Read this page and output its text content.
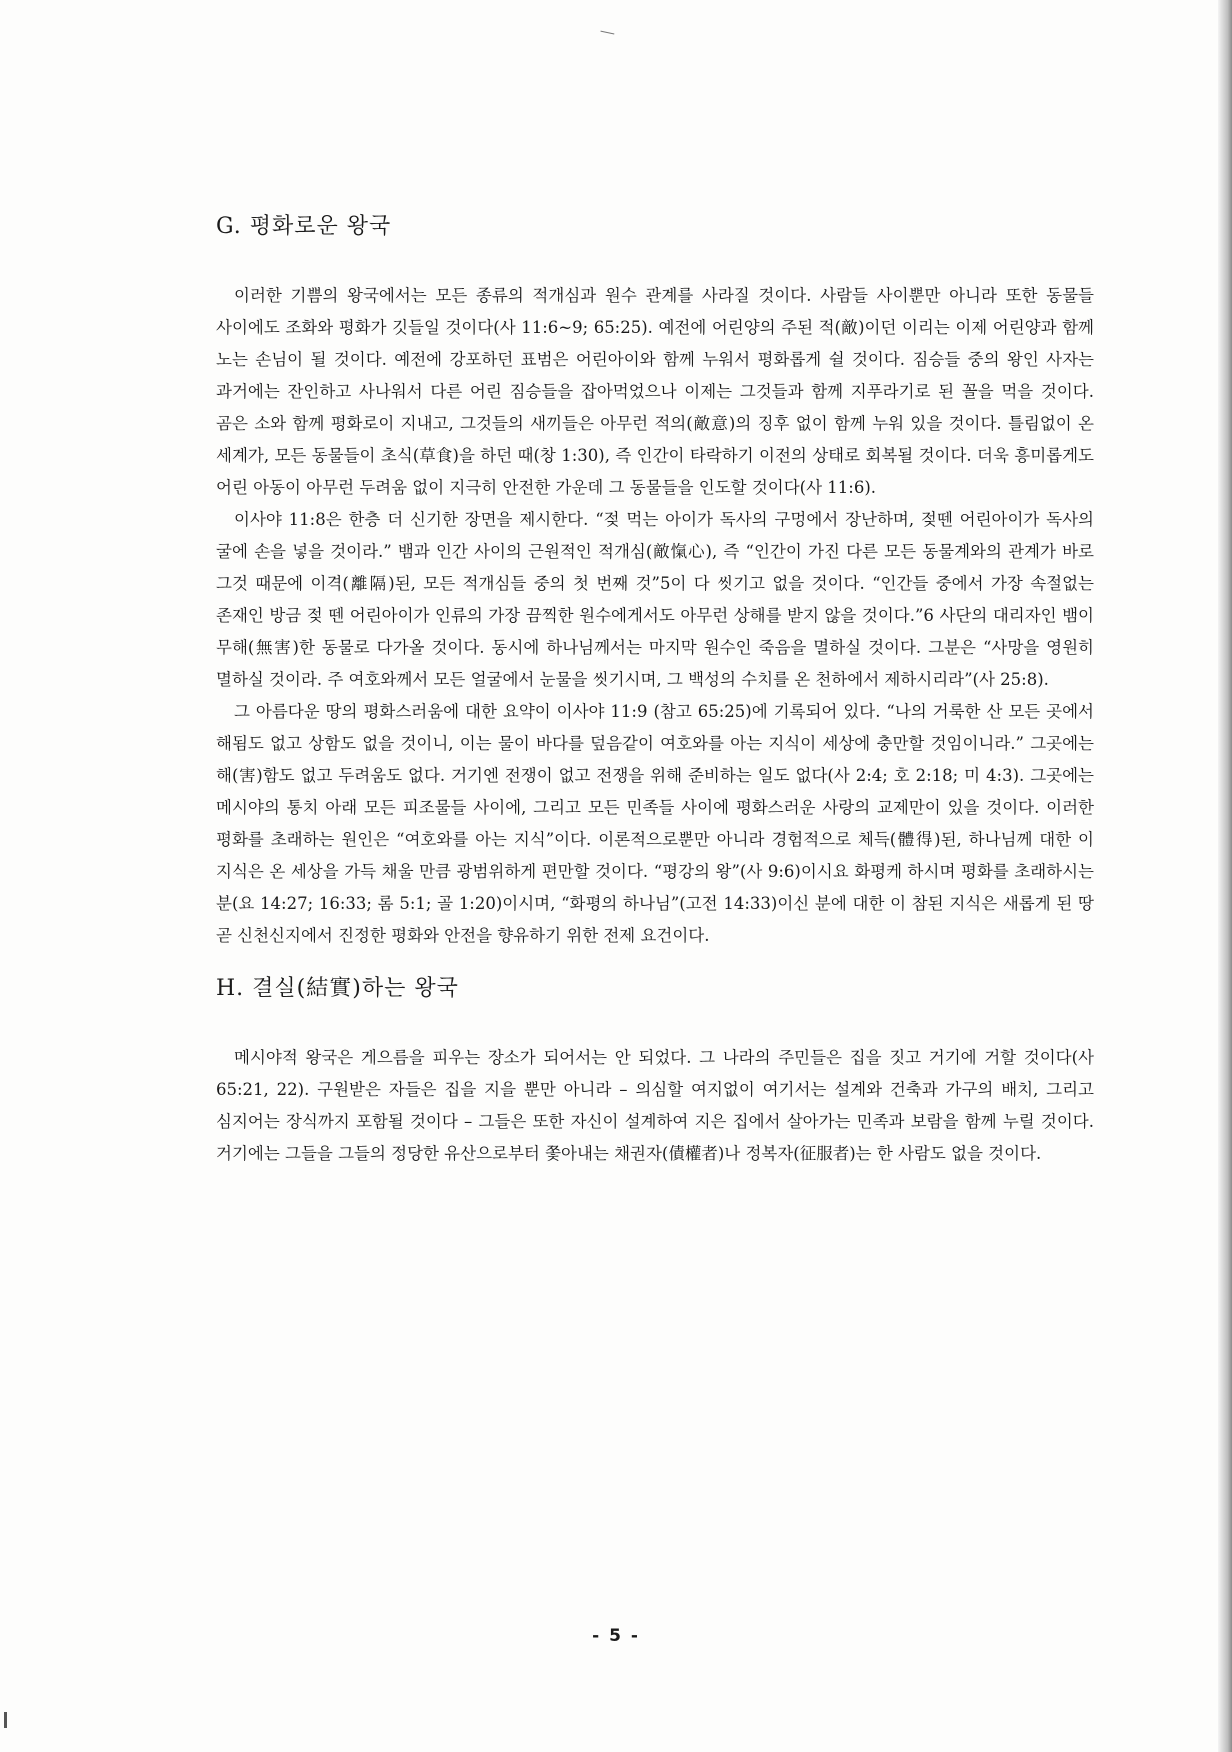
G. 평화로운 왕국

이러한 기쁨의 왕국에서는 모든 종류의 적개심과 원수 관계를 사라질 것이다. 사람들 사이뿐만 아니라 또한 동물들 사이에도 조화와 평화가 깃들일 것이다(사 11:6~9; 65:25). 예전에 어린양의 주된 적(敵)이던 이리는 이제 어린양과 함께 노는 손님이 될 것이다. 예전에 강포하던 표범은 어린아이와 함께 누워서 평화롭게 쉴 것이다. 짐승들 중의 왕인 사자는 과거에는 잔인하고 사나워서 다른 어린 짐승들을 잡아먹었으나 이제는 그것들과 함께 지푸라기로 된 꼴을 먹을 것이다. 곰은 소와 함께 평화로이 지내고, 그것들의 새끼들은 아무런 적의(敵意)의 징후 없이 함께 누워 있을 것이다. 틀림없이 온 세계가, 모든 동물들이 초식(草食)을 하던 때(창 1:30), 즉 인간이 타락하기 이전의 상태로 회복될 것이다. 더욱 흥미롭게도 어린 아동이 아무런 두려움 없이 지극히 안전한 가운데 그 동물들을 인도할 것이다(사 11:6).

이사야 11:8은 한층 더 신기한 장면을 제시한다. “젖 먹는 아이가 독사의 구멍에서 장난하며, 젖뗀 어린아이가 독사의 굴에 손을 넣을 것이라.” 뱀과 인간 사이의 근원적인 적개심(敵愾心), 즉 “인간이 가진 다른 모든 동물계와의 관계가 바로 그것 때문에 이격(離隔)된, 모든 적개심들 중의 첫 번째 것”5이 다 씻기고 없을 것이다. “인간들 중에서 가장 속절없는 존재인 방금 젖 뗀 어린아이가 인류의 가장 끔찍한 원수에게서도 아무런 상해를 받지 않을 것이다.”6 사단의 대리자인 뱀이 무해(無害)한 동물로 다가올 것이다. 동시에 하나님께서는 마지막 원수인 죽음을 멸하실 것이다. 그분은 “사망을 영원히 멸하실 것이라. 주 여호와께서 모든 얼굴에서 눈물을 씻기시며, 그 백성의 수치를 온 천하에서 제하시리라”(사 25:8).

그 아름다운 땅의 평화스러움에 대한 요약이 이사야 11:9 (참고 65:25)에 기록되어 있다. “나의 거룩한 산 모든 곳에서 해됨도 없고 상함도 없을 것이니, 이는 물이 바다를 덮음같이 여호와를 아는 지식이 세상에 충만할 것임이니라.” 그곳에는 해(害)함도 없고 두려움도 없다. 거기엔 전쟁이 없고 전쟁을 위해 준비하는 일도 없다(사 2:4; 호 2:18; 미 4:3). 그곳에는 메시야의 통치 아래 모든 피조물들 사이에, 그리고 모든 민족들 사이에 평화스러운 사랑의 교제만이 있을 것이다. 이러한 평화를 초래하는 원인은 “여호와를 아는 지식”이다. 이론적으로뿐만 아니라 경험적으로 체득(體得)된, 하나님께 대한 이 지식은 온 세상을 가득 채울 만큼 광범위하게 편만할 것이다. “평강의 왕”(사 9:6)이시요 화평케 하시며 평화를 초래하시는 분(요 14:27; 16:33; 롬 5:1; 골 1:20)이시며, “화평의 하나님”(고전 14:33)이신 분에 대한 이 참된 지식은 새롭게 된 땅 곧 신천신지에서 진정한 평화와 안전을 향유하기 위한 전제 요건이다.

H. 결실(結實)하는 왕국

메시야적 왕국은 게으름을 피우는 장소가 되어서는 안 되었다. 그 나라의 주민들은 집을 짓고 거기에 거할 것이다(사 65:21, 22). 구원받은 자들은 집을 지을 뿐만 아니라 – 의심할 여지없이 여기서는 설계와 건축과 가구의 배치, 그리고 심지어는 장식까지 포함될 것이다 – 그들은 또한 자신이 설계하여 지은 집에서 살아가는 민족과 보람을 함께 누릴 것이다. 거기에는 그들을 그들의 정당한 유산으로부터 쫓아내는 채권자(債權者)나 정복자(征服者)는 한 사람도 없을 것이다.

- 5 -
